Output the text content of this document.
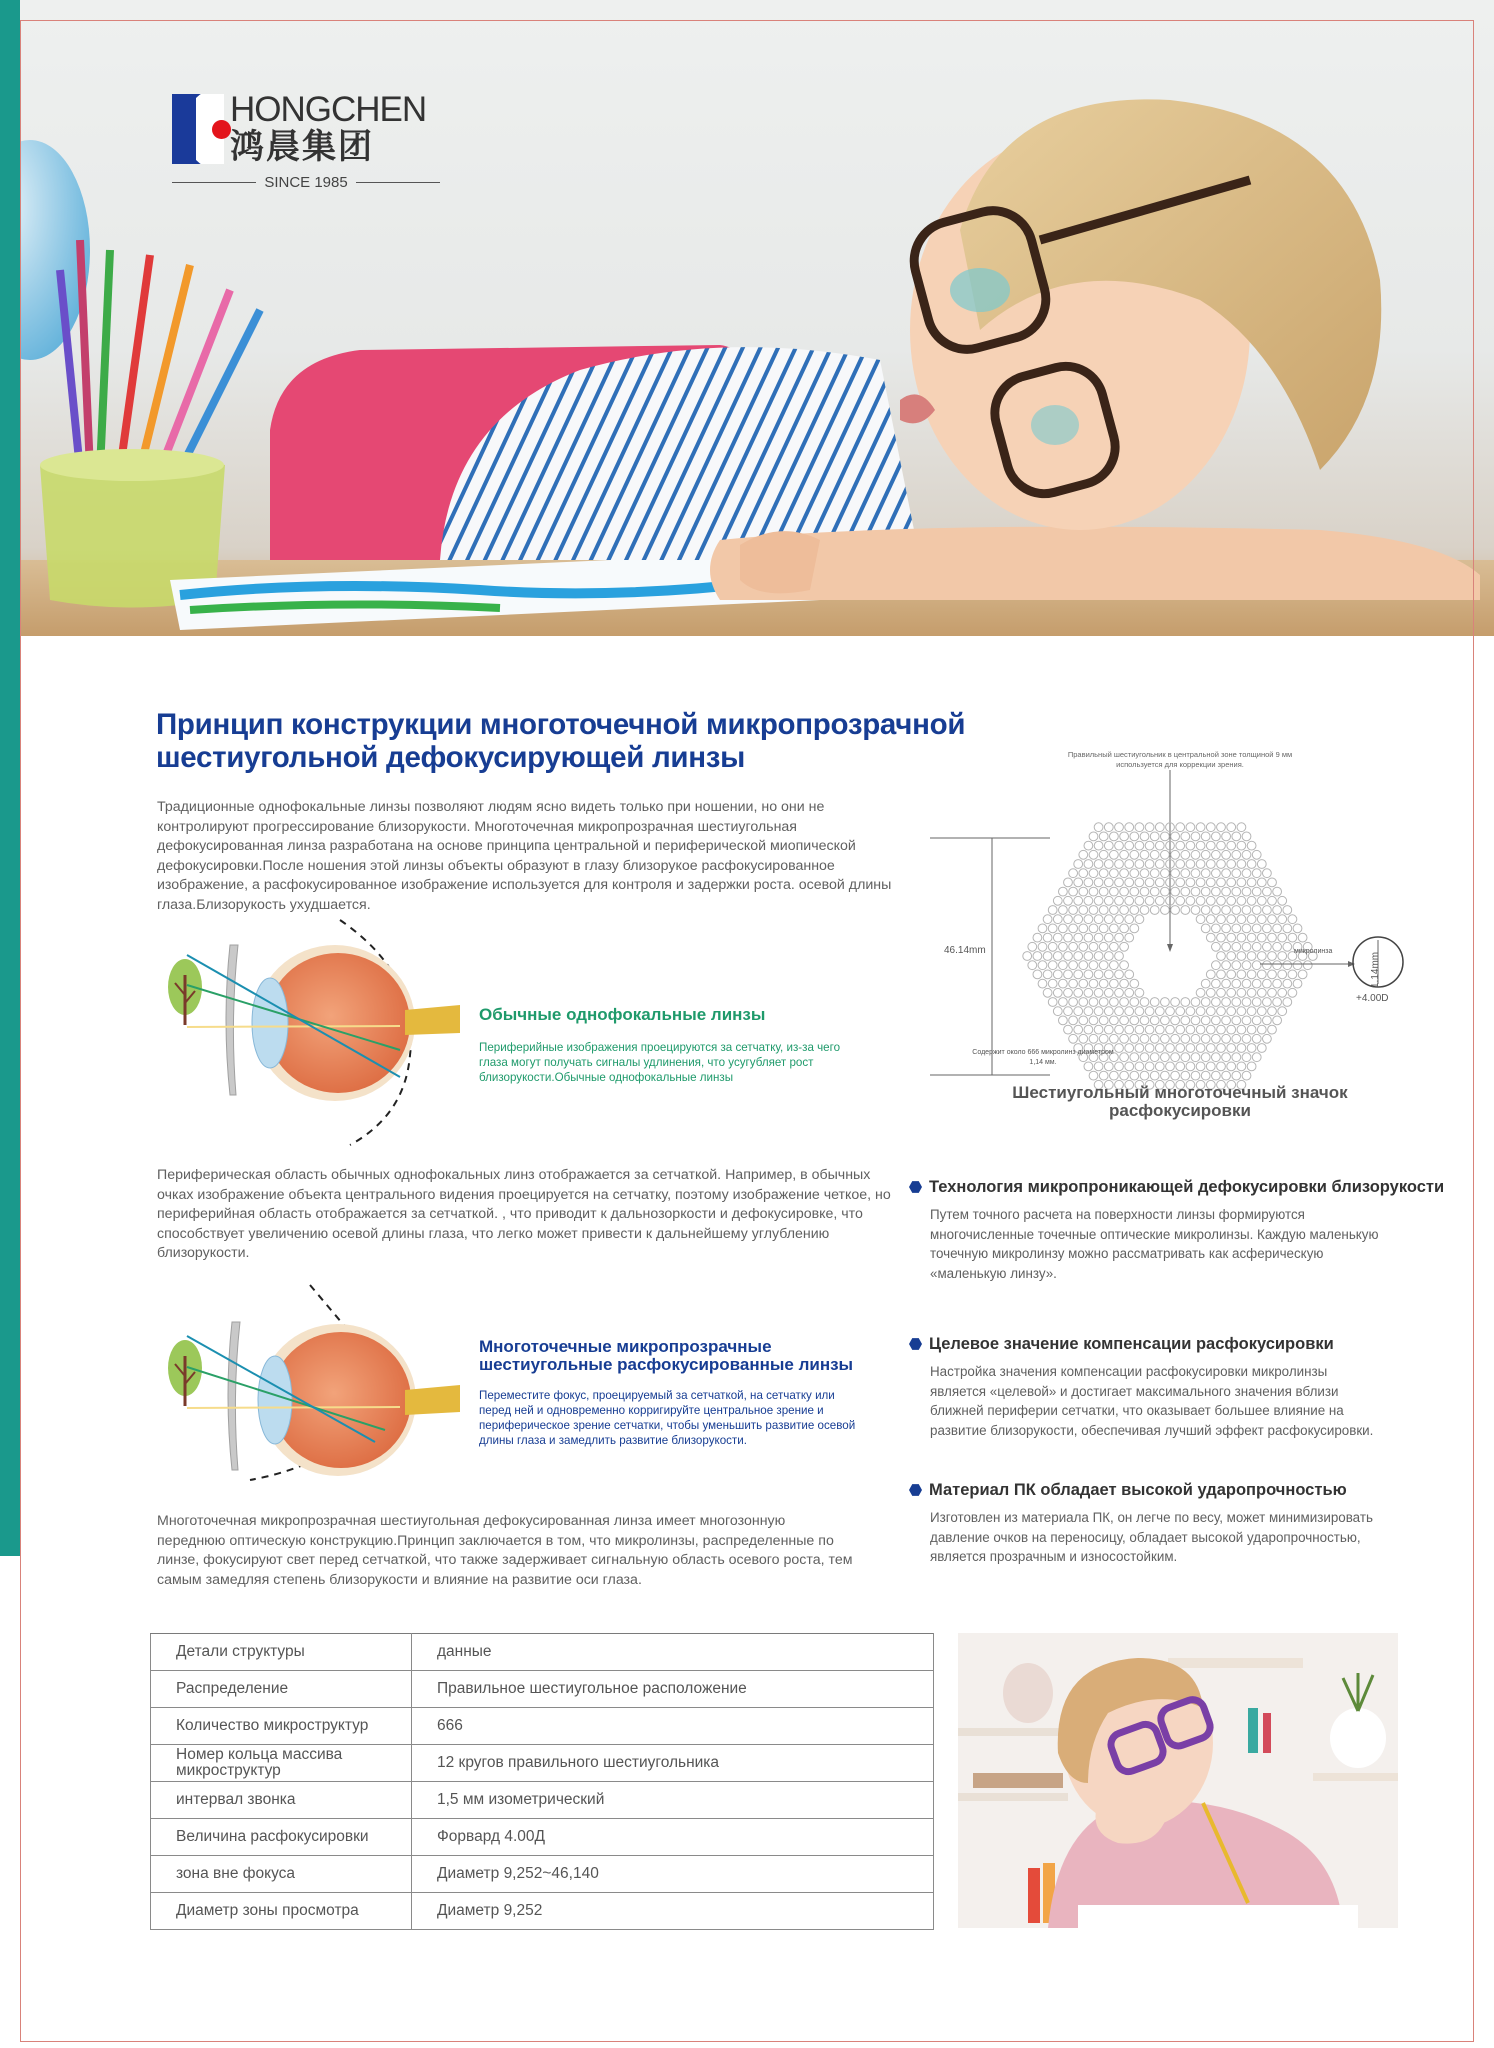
HONGCHEN
鸿晨集团
SINCE 1985
Принцип конструкции многоточечной микропрозрачной шестиугольной дефокусирующей линзы

Традиционные однофокальные линзы позволяют людям ясно видеть только при ношении, но они не контролируют прогрессирование близорукости. Многоточечная микропрозрачная шестиугольная дефокусированная линза разработана на основе принципа центральной и периферической миопической дефокусировки.После ношения этой линзы объекты образуют в глазу близорукое расфокусированное изображение, а расфокусированное изображение используется для контроля и задержки роста. осевой длины глаза.Близорукость ухудшается.

Обычные однофокальные линзы
Периферийные изображения проецируются за сетчатку, из-за чего глаза могут получать сигналы удлинения, что усугубляет рост близорукости.Обычные однофокальные линзы

Периферическая область обычных однофокальных линз отображается за сетчаткой. Например, в обычных очках изображение объекта центрального видения проецируется на сетчатку, поэтому изображение четкое, но периферийная область отображается за сетчаткой. , что приводит к дальнозоркости и дефокусировке, что способствует увеличению осевой длины глаза, что легко может привести к дальнейшему углублению близорукости.

Многоточечные микропрозрачные шестиугольные расфокусированные линзы
Переместите фокус, проецируемый за сетчаткой, на сетчатку или перед ней и одновременно корригируйте центральное зрение и периферическое зрение сетчатки, чтобы уменьшить развитие осевой длины глаза и замедлить развитие близорукости.

Многоточечная микропрозрачная шестиугольная дефокусированная линза имеет многозонную переднюю оптическую конструкцию.Принцип заключается в том, что микролинзы, распределенные по линзе, фокусируют свет перед сетчаткой, что также задерживает сигнальную область осевого роста, тем самым замедляя степень близорукости и влияние на развитие оси глаза.

Правильный шестиугольник в центральной зоне толщиной 9 мм используется для коррекции зрения.
46.14mm
Содержит около 666 микролинз диаметром 1,14 мм.
микролинза
1.14mm
+4.00D
Шестиугольный многоточечный значок расфокусировки
Технология микропроникающей дефокусировки близорукости
Путем точного расчета на поверхности линзы формируются многочисленные точечные оптические микролинзы. Каждую маленькую точечную микролинзу можно рассматривать как асферическую «маленькую линзу».
Целевое значение компенсации расфокусировки
Настройка значения компенсации расфокусировки микролинзы является «целевой» и достигает максимального значения вблизи ближней периферии сетчатки, что оказывает большее влияние на развитие близорукости, обеспечивая лучший эффект расфокусировки.
Материал ПК обладает высокой ударопрочностью
Изготовлен из материала ПК, он легче по весу, может минимизировать давление очков на переносицу, обладает высокой ударопрочностью, является прозрачным и износостойким.
Детали структуры	данные
Распределение	Правильное шестиугольное расположение
Количество микроструктур	666
Номер кольца массива микроструктур	12 кругов правильного шестиугольника
интервал звонка	1,5 мм изометрический
Величина расфокусировки	Форвард 4.00Д
зона вне фокуса	Диаметр 9,252~46,140
Диаметр зоны просмотра	Диаметр 9,252
